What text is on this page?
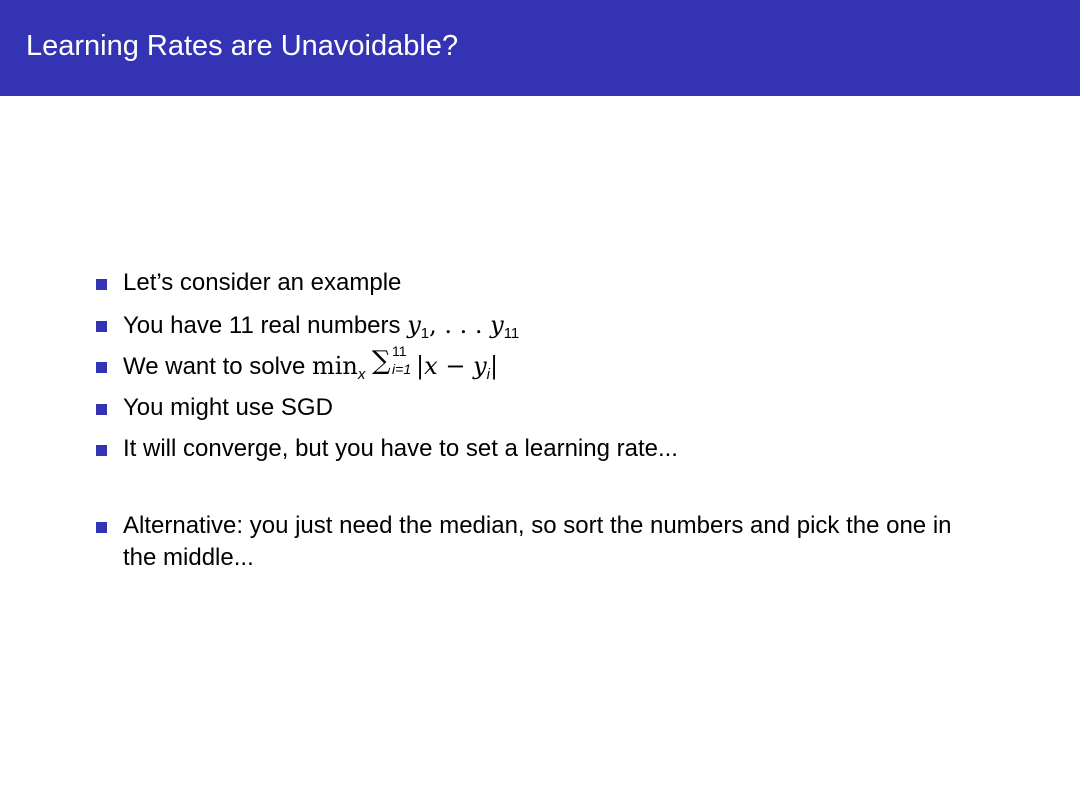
Learning Rates are Unavoidable?
Let’s consider an example
You have 11 real numbers $y_1$, . . . $y_{11}$
We want to solve $\min_x$ ∑ 11
i=1 $|x - y_i|$
You might use SGD
It will converge, but you have to set a learning rate...
Alternative: you just need the median, so sort the numbers and pick the one in the middle...
